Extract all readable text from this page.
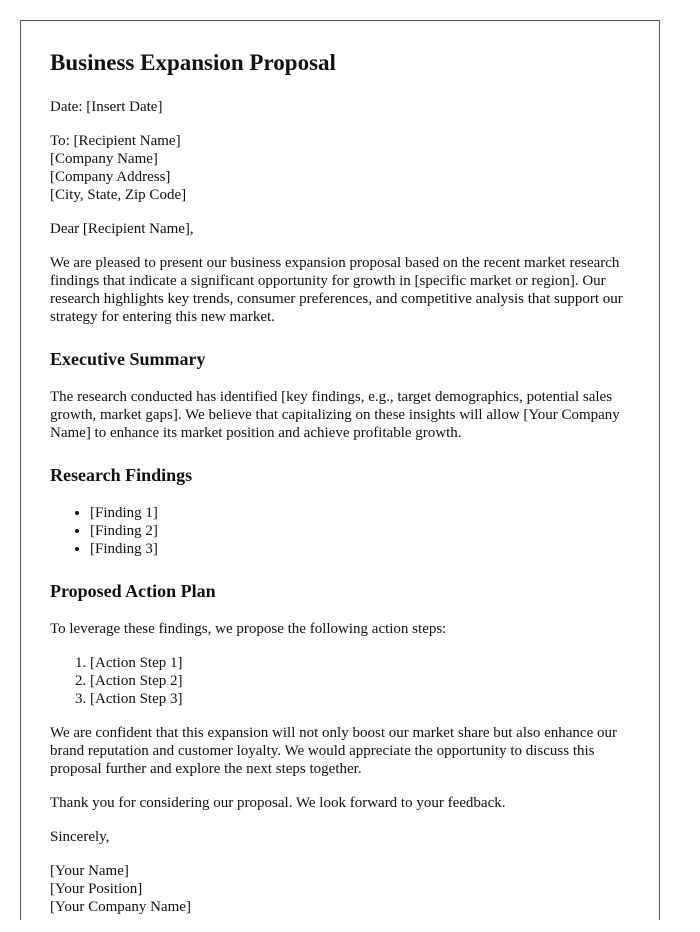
Business Expansion Proposal

Date: [Insert Date]

To: [Recipient Name]
[Company Name]
[Company Address]
[City, State, Zip Code]

Dear [Recipient Name],

We are pleased to present our business expansion proposal based on the recent market research findings that indicate a significant opportunity for growth in [specific market or region]. Our research highlights key trends, consumer preferences, and competitive analysis that support our strategy for entering this new market.

Executive Summary

The research conducted has identified [key findings, e.g., target demographics, potential sales growth, market gaps]. We believe that capitalizing on these insights will allow [Your Company Name] to enhance its market position and achieve profitable growth.

Research Findings
• [Finding 1]
• [Finding 2]
• [Finding 3]
Proposed Action Plan

To leverage these findings, we propose the following action steps:

1. [Action Step 1]
2. [Action Step 2]
3. [Action Step 3]

We are confident that this expansion will not only boost our market share but also enhance our brand reputation and customer loyalty. We would appreciate the opportunity to discuss this proposal further and explore the next steps together.

Thank you for considering our proposal. We look forward to your feedback.

Sincerely,

[Your Name]
[Your Position]
[Your Company Name]
